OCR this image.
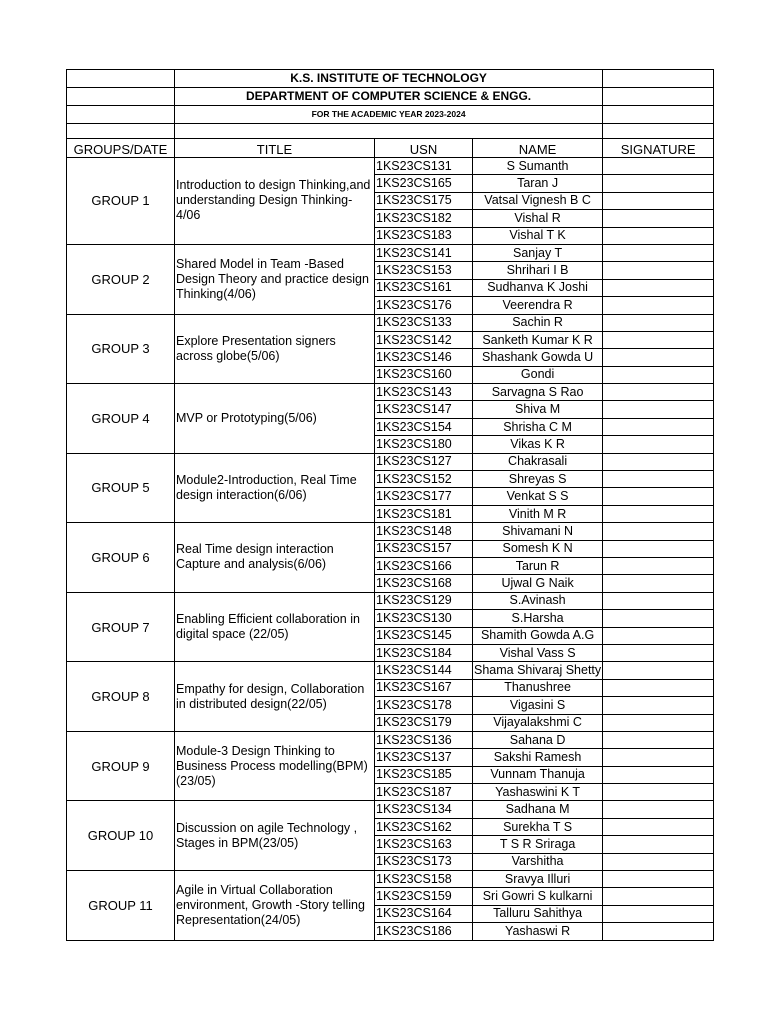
	K.S. INSTITUTE OF TECHNOLOGY			
	DEPARTMENT OF COMPUTER SCIENCE & ENGG.			
	FOR THE ACADEMIC YEAR 2023-2024			

GROUPS/DATE	TITLE	USN	NAME	SIGNATURE
GROUP 1	Introduction to design Thinking,and understanding Design Thinking- 4/06	1KS23CS131	S Sumanth	
		1KS23CS165	Taran J	
		1KS23CS175	Vatsal Vignesh B C	
		1KS23CS182	Vishal R	
		1KS23CS183	Vishal T K	
GROUP 2	Shared Model in Team -Based Design Theory and practice design Thinking(4/06)	1KS23CS141	Sanjay T	
		1KS23CS153	Shrihari I B	
		1KS23CS161	Sudhanva K Joshi	
		1KS23CS176	Veerendra R	
GROUP 3	Explore Presentation signers across globe(5/06)	1KS23CS133	Sachin R	
		1KS23CS142	Sanketh Kumar K R	
		1KS23CS146	Shashank Gowda U	
		1KS23CS160	Gondi	
GROUP 4	MVP or Prototyping(5/06)	1KS23CS143	Sarvagna S Rao	
		1KS23CS147	Shiva M	
		1KS23CS154	Shrisha C M	
		1KS23CS180	Vikas K R	
GROUP 5	Module2-Introduction, Real Time design interaction(6/06)	1KS23CS127	Chakrasali	
		1KS23CS152	Shreyas S	
		1KS23CS177	Venkat S S	
		1KS23CS181	Vinith M R	
GROUP 6	Real Time design interaction Capture and analysis(6/06)	1KS23CS148	Shivamani N	
		1KS23CS157	Somesh K N	
		1KS23CS166	Tarun R	
		1KS23CS168	Ujwal G Naik	
GROUP 7	Enabling Efficient collaboration in digital space (22/05)	1KS23CS129	S.Avinash	
		1KS23CS130	S.Harsha	
		1KS23CS145	Shamith Gowda A.G	
		1KS23CS184	Vishal Vass S	
GROUP 8	Empathy for design, Collaboration in distributed design(22/05)	1KS23CS144	Shama Shivaraj Shetty	
		1KS23CS167	Thanushree	
		1KS23CS178	Vigasini S	
		1KS23CS179	Vijayalakshmi C	
GROUP 9	Module-3 Design Thinking to Business Process modelling(BPM)(23/05)	1KS23CS136	Sahana D	
		1KS23CS137	Sakshi Ramesh	
		1KS23CS185	Vunnam Thanuja	
		1KS23CS187	Yashaswini K T	
GROUP 10	Discussion on agile Technology , Stages in BPM(23/05)	1KS23CS134	Sadhana M	
		1KS23CS162	Surekha T S	
		1KS23CS163	T S R Sriraga	
		1KS23CS173	Varshitha	
GROUP 11	Agile in Virtual Collaboration environment, Growth -Story telling Representation(24/05)	1KS23CS158	Sravya Illuri	
		1KS23CS159	Sri Gowri S kulkarni	
		1KS23CS164	Talluru Sahithya	
		1KS23CS186	Yashaswi R	
